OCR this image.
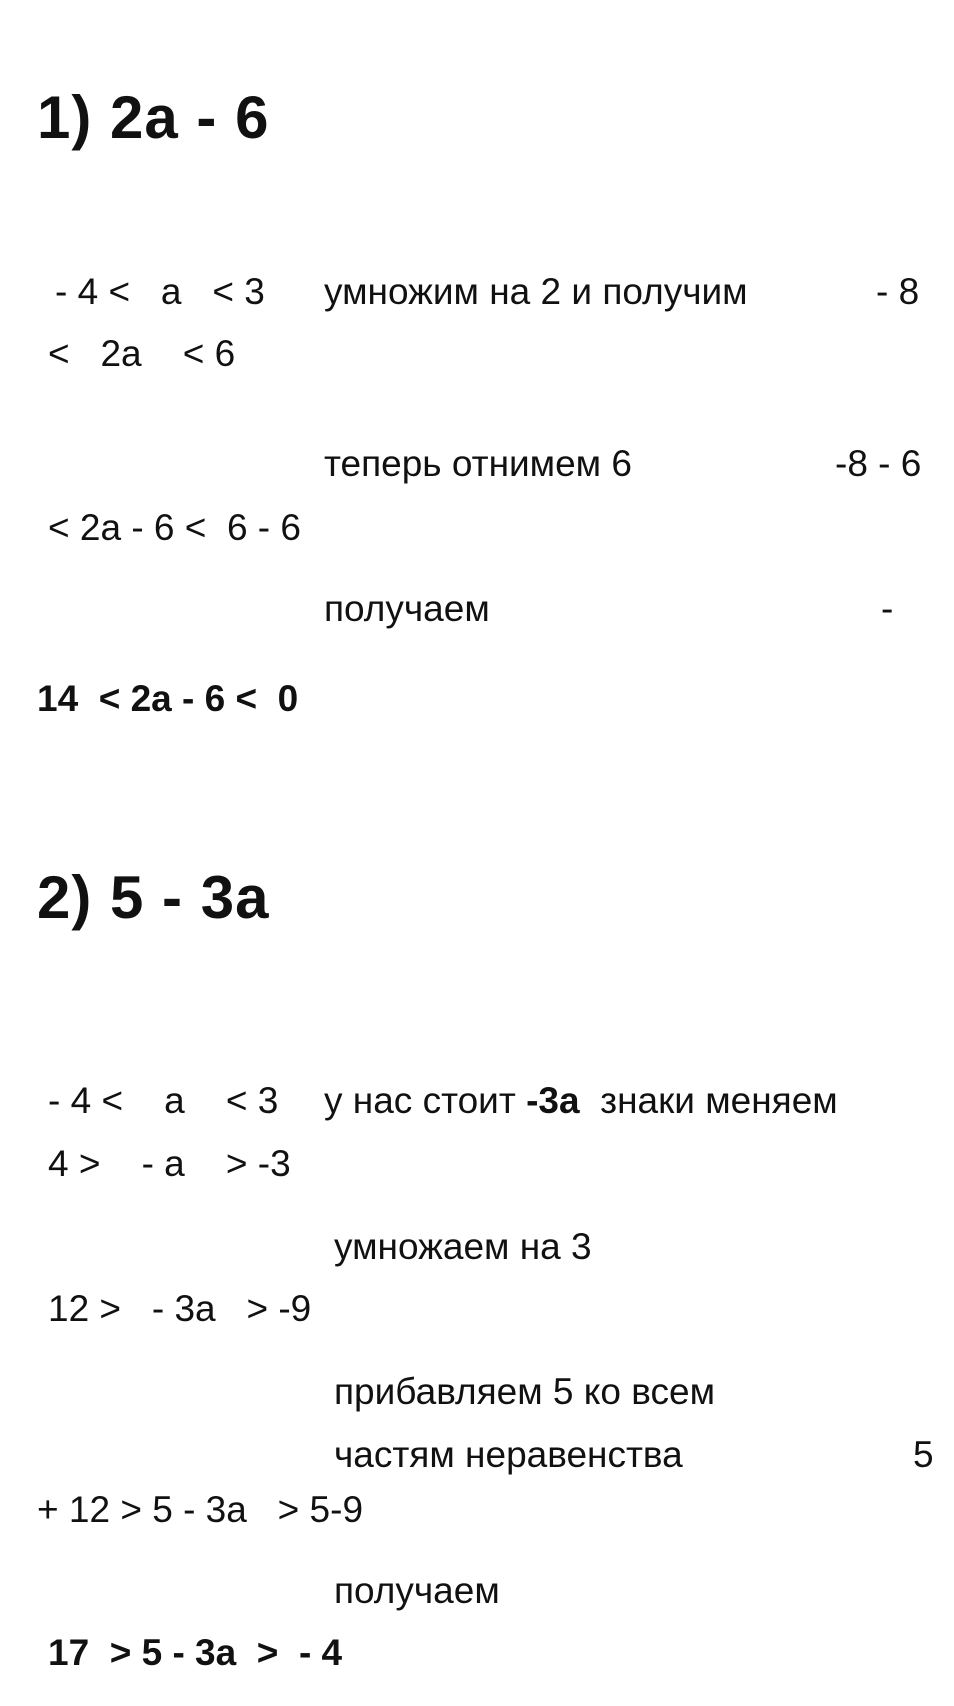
1) 2а - 6
- 4 <   а   < 3 умножим на 2 и получим	- 8
<   2а    < 6
теперь отнимем 6	-8 - 6
< 2а - 6 <  6 - 6
получаем	-
14  < 2а - 6 <  0
2) 5 - 3а
- 4 <    а    < 3 у нас стоит -3а  знаки меняем
4 >    - а    > -3
умножаем на 3
12 >   - 3а   > -9
прибавляем 5 ко всем
частям неравенства	5
+ 12 > 5 - 3а   > 5-9
получаем
17  > 5 - 3а  >  - 4
